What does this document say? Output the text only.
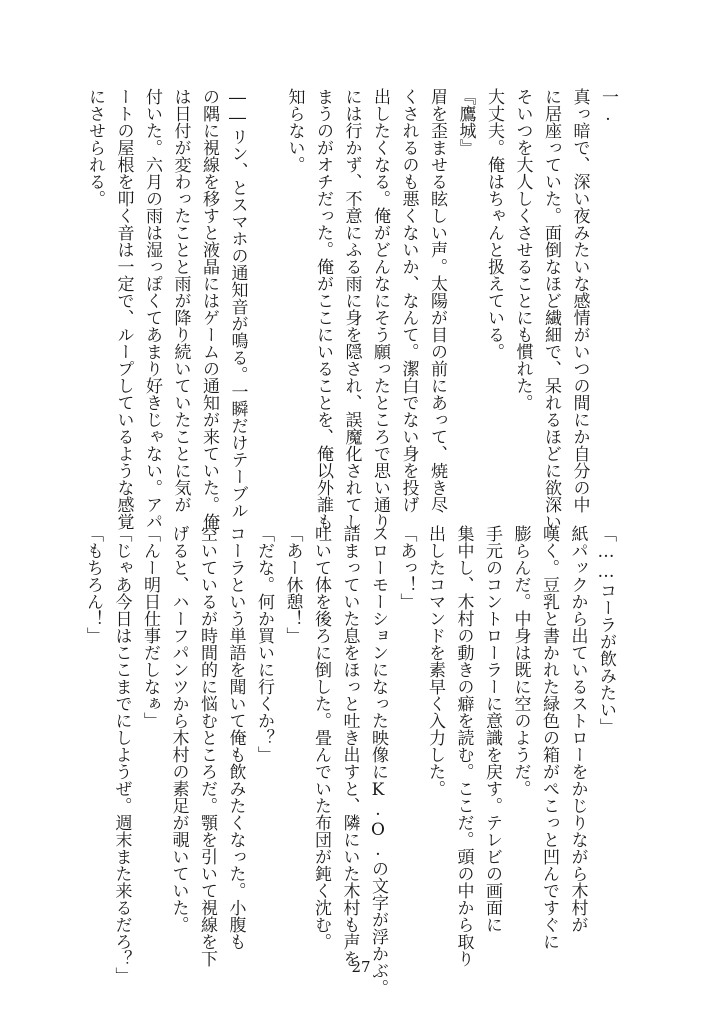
一.
真っ暗で、深い夜みたいな感情がいつの間にか自分の中
に居座っていた。面倒なほど繊細で、呆れるほどに欲深い
そいつを大人しくさせることにも慣れた。
大丈夫。俺はちゃんと扱えている。
『鷹城』
眉を歪ませる眩しい声。太陽が目の前にあって、焼き尽
くされるのも悪くないか、なんて。潔白でない身を投げ
出したくなる。俺がどんなにそう願ったところで思い通り
には行かず、不意にふる雨に身を隠され、誤魔化されてし
まうのがオチだった。俺がここにいることを、俺以外誰も
知らない。

――リン、とスマホの通知音が鳴る。一瞬だけテーブル
の隅に視線を移すと液晶にはゲームの通知が来ていた。俺
は日付が変わったことと雨が降り続いていたことに気が
付いた。六月の雨は湿っぽくてあまり好きじゃない。アパ
ートの屋根を叩く音は一定で、ループしているような感覚
にさせられる。
「……コーラが飲みたい」
紙パックから出ているストローをかじりながら木村が
嘆く。豆乳と書かれた緑色の箱がぺこっと凹んですぐに
膨らんだ。中身は既に空のようだ。
手元のコントローラーに意識を戻す。テレビの画面に
集中し、木村の動きの癖を読む。ここだ。頭の中から取り
出したコマンドを素早く入力した。
「あっ！」
スローモーションになった映像にK.O.の文字が浮かぶ。
詰まっていた息をほっと吐き出すと、隣にいた木村も声を
吐いて体を後ろに倒した。畳んでいた布団が鈍く沈む。
「あー休憩！」
「だな。何か買いに行くか？」
コーラという単語を聞いて俺も飲みたくなった。小腹も
空いているが時間的に悩むところだ。顎を引いて視線を下
げると、ハーフパンツから木村の素足が覗いていた。
「んー明日仕事だしなぁ」
「じゃあ今日はここまでにしようぜ。週末また来るだろ？」
「もちろん！」
27
